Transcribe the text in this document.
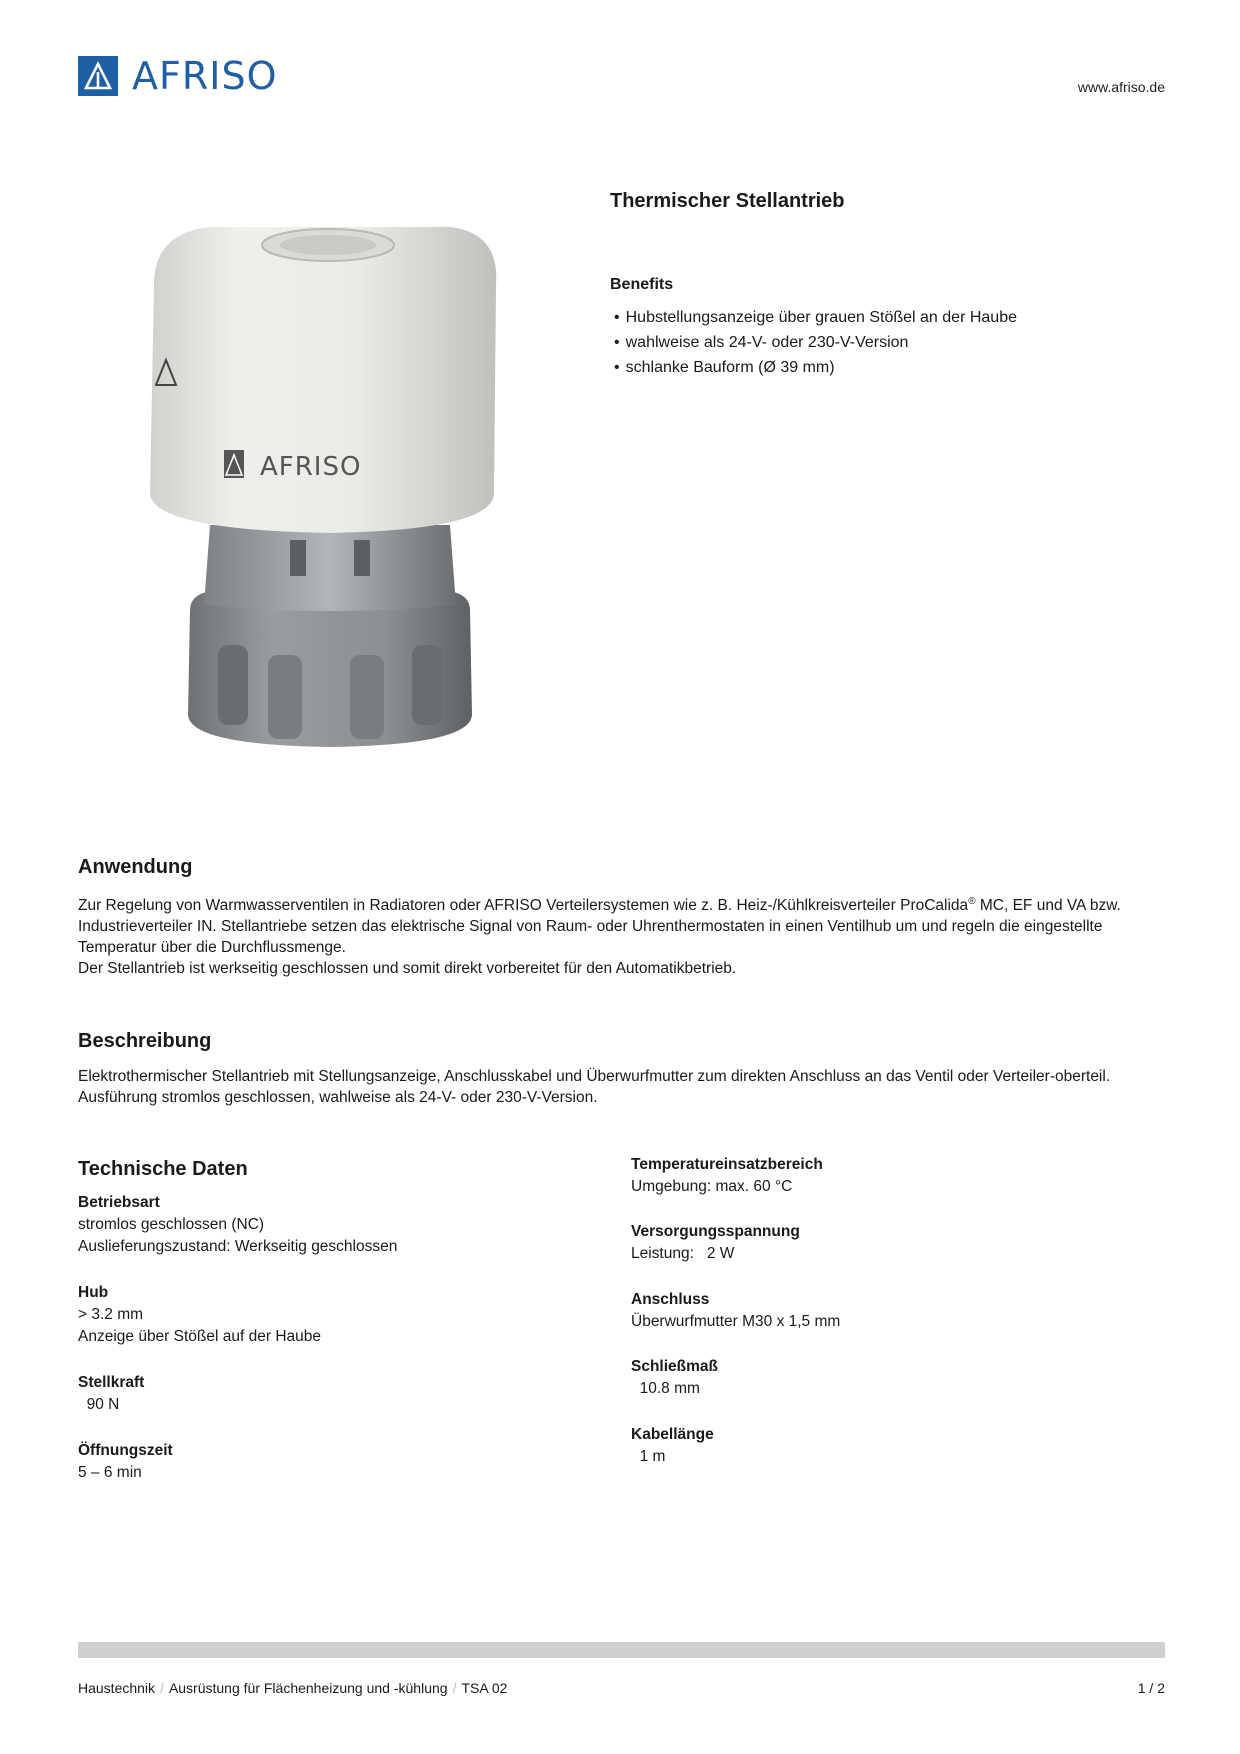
AFRISO	www.afriso.de
AFRISO
Thermischer Stellantrieb
Benefits
• Hubstellungsanzeige über grauen Stößel an der Haube
• wahlweise als 24-V- oder 230-V-Version
• schlanke Bauform (Ø 39 mm)
Anwendung

Zur Regelung von Warmwasserventilen in Radiatoren oder AFRISO Verteilersystemen wie z. B. Heiz-/Kühlkreisverteiler ProCalida® MC, EF und VA bzw. Industrieverteiler IN. Stellantriebe setzen das elektrische Signal von Raum- oder Uhrenthermostaten in einen Ventilhub um und regeln die eingestellte Temperatur über die Durchflussmenge.

Der Stellantrieb ist werkseitig geschlossen und somit direkt vorbereitet für den Automatikbetrieb.

Beschreibung
Elektrothermischer Stellantrieb mit Stellungsanzeige, Anschlusskabel und Überwurfmutter zum direkten Anschluss an das Ventil oder Verteiler-oberteil. Ausführung stromlos geschlossen, wahlweise als 24-V- oder 230-V-Version.
Technische Daten
Betriebsart
stromlos geschlossen (NC)
Auslieferungszustand: Werkseitig geschlossen
Hub
> 3.2 mm
Anzeige über Stößel auf der Haube
Stellkraft
90 N
Öffnungszeit
5 – 6 min
Temperatureinsatzbereich
Umgebung: max. 60 °C
Versorgungsspannung
Leistung:   2 W
Anschluss
Überwurfmutter M30 x 1,5 mm
Schließmaß
10.8 mm
Kabellänge
1 m
Haustechnik / Ausrüstung für Flächenheizung und -kühlung / TSA 02	1 / 2
